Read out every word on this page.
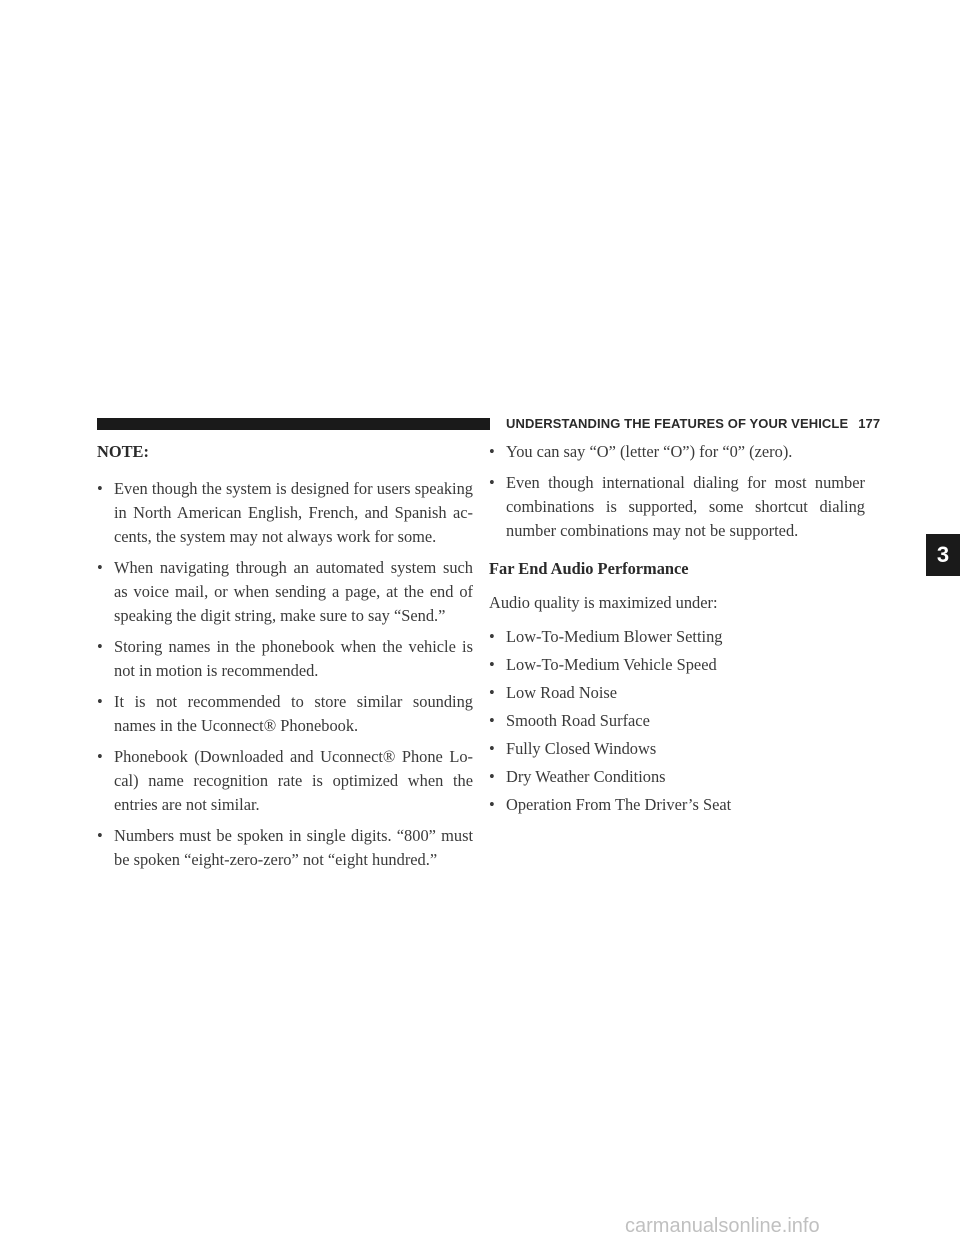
UNDERSTANDING THE FEATURES OF YOUR VEHICLE 177
3
NOTE:
• Even though the system is designed for users speaking in North American English, French, and Spanish ac-cents, the system may not always work for some.
• When navigating through an automated system such as voice mail, or when sending a page, at the end of speaking the digit string, make sure to say “Send.”
• Storing names in the phonebook when the vehicle is not in motion is recommended.
• It is not recommended to store similar sounding names in the Uconnect® Phonebook.
• Phonebook (Downloaded and Uconnect® Phone Lo-cal) name recognition rate is optimized when the entries are not similar.
• Numbers must be spoken in single digits. “800” must be spoken “eight-zero-zero” not “eight hundred.”
• You can say “O” (letter “O”) for “0” (zero).
• Even though international dialing for most number combinations is supported, some shortcut dialing number combinations may not be supported.
Far End Audio Performance
Audio quality is maximized under:
• Low-To-Medium Blower Setting
• Low-To-Medium Vehicle Speed
• Low Road Noise
• Smooth Road Surface
• Fully Closed Windows
• Dry Weather Conditions
• Operation From The Driver’s Seat
carmanualsonline.info
